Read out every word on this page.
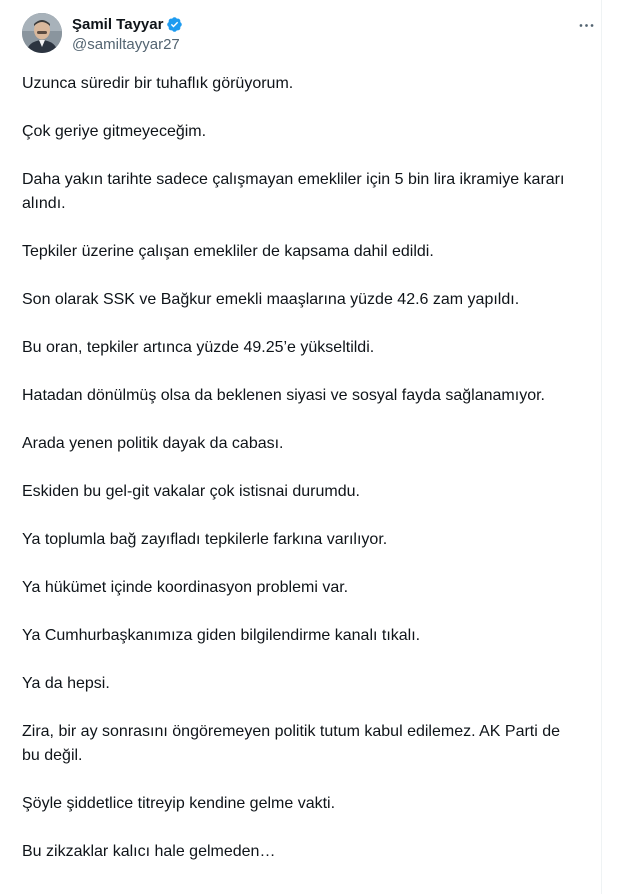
Şamil Tayyar
@samiltayyar27

Uzunca süredir bir tuhaflık görüyorum.

Çok geriye gitmeyeceğim.

Daha yakın tarihte sadece çalışmayan emekliler için 5 bin lira ikramiye kararı alındı.

Tepkiler üzerine çalışan emekliler de kapsama dahil edildi.

Son olarak SSK ve Bağkur emekli maaşlarına yüzde 42.6 zam yapıldı.

Bu oran, tepkiler artınca yüzde 49.25’e yükseltildi.

Hatadan dönülmüş olsa da beklenen siyasi ve sosyal fayda sağlanamıyor.

Arada yenen politik dayak da cabası.

Eskiden bu gel-git vakalar çok istisnai durumdu.

Ya toplumla bağ zayıfladı tepkilerle farkına varılıyor.

Ya hükümet içinde koordinasyon problemi var.

Ya Cumhurbaşkanımıza giden bilgilendirme kanalı tıkalı.

Ya da hepsi.

Zira, bir ay sonrasını öngöremeyen politik tutum kabul edilemez. AK Parti de bu değil.

Şöyle şiddetlice titreyip kendine gelme vakti.

Bu zikzaklar kalıcı hale gelmeden…
